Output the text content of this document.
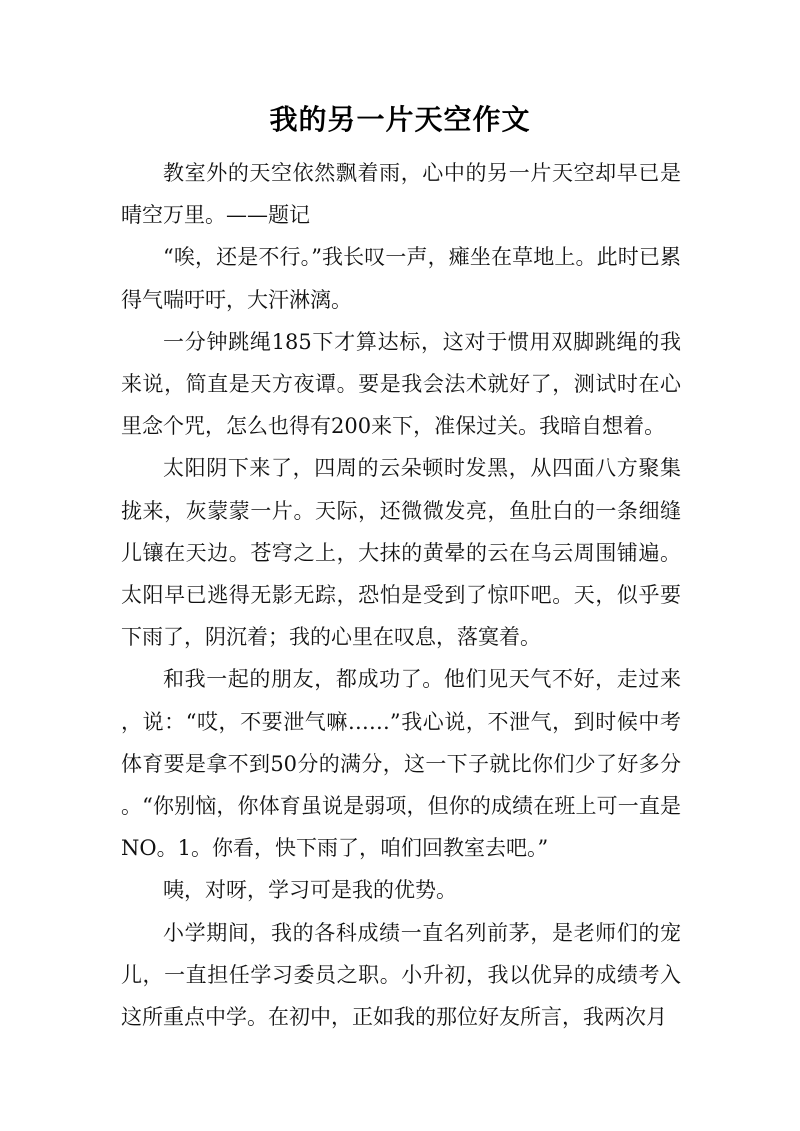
我的另一片天空作文

教室外的天空依然飘着雨，心中的另一片天空却早已是晴空万里。——题记

“唉，还是不行。”我长叹一声，瘫坐在草地上。此时已累得气喘吁吁，大汗淋漓。

一分钟跳绳185下才算达标，这对于惯用双脚跳绳的我来说，简直是天方夜谭。要是我会法术就好了，测试时在心里念个咒，怎么也得有200来下，准保过关。我暗自想着。

太阳阴下来了，四周的云朵顿时发黑，从四面八方聚集拢来，灰蒙蒙一片。天际，还微微发亮，鱼肚白的一条细缝儿镶在天边。苍穹之上，大抹的黄晕的云在乌云周围铺遍。太阳早已逃得无影无踪，恐怕是受到了惊吓吧。天，似乎要下雨了，阴沉着；我的心里在叹息，落寞着。

和我一起的朋友，都成功了。他们见天气不好，走过来，说：“哎，不要泄气嘛……”我心说，不泄气，到时候中考体育要是拿不到50分的满分，这一下子就比你们少了好多分。“你别恼，你体育虽说是弱项，但你的成绩在班上可一直是NO。1。你看，快下雨了，咱们回教室去吧。”

咦，对呀，学习可是我的优势。

小学期间，我的各科成绩一直名列前茅，是老师们的宠儿，一直担任学习委员之职。小升初，我以优异的成绩考入这所重点中学。在初中，正如我的那位好友所言，我两次月
